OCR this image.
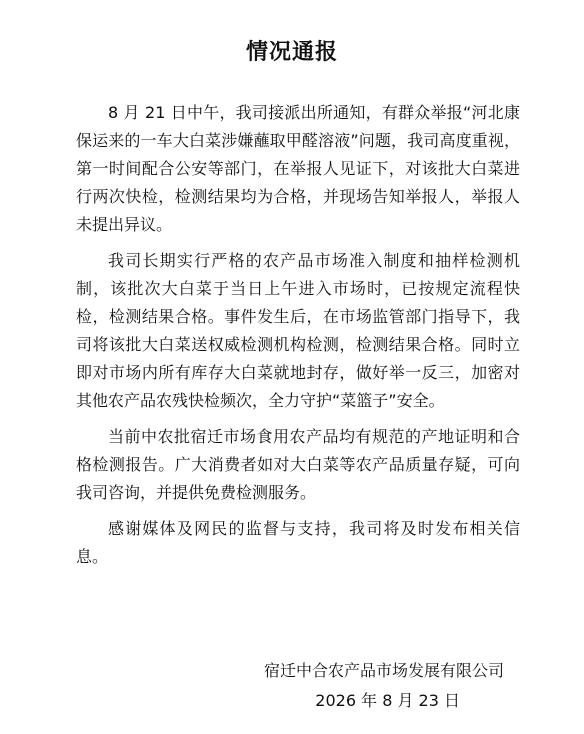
情况通报

8 月 21 日中午，我司接派出所通知，有群众举报“河北康保运来的一车大白菜涉嫌蘸取甲醛溶液”问题，我司高度重视，第一时间配合公安等部门，在举报人见证下，对该批大白菜进行两次快检，检测结果均为合格，并现场告知举报人，举报人未提出异议。

我司长期实行严格的农产品市场准入制度和抽样检测机制，该批次大白菜于当日上午进入市场时，已按规定流程快检，检测结果合格。事件发生后，在市场监管部门指导下，我司将该批大白菜送权威检测机构检测，检测结果合格。同时立即对市场内所有库存大白菜就地封存，做好举一反三，加密对其他农产品农残快检频次，全力守护“菜篮子”安全。

当前中农批宿迁市场食用农产品均有规范的产地证明和合格检测报告。广大消费者如对大白菜等农产品质量存疑，可向我司咨询，并提供免费检测服务。

感谢媒体及网民的监督与支持，我司将及时发布相关信息。

宿迁中合农产品市场发展有限公司
2026 年 8 月 23 日
